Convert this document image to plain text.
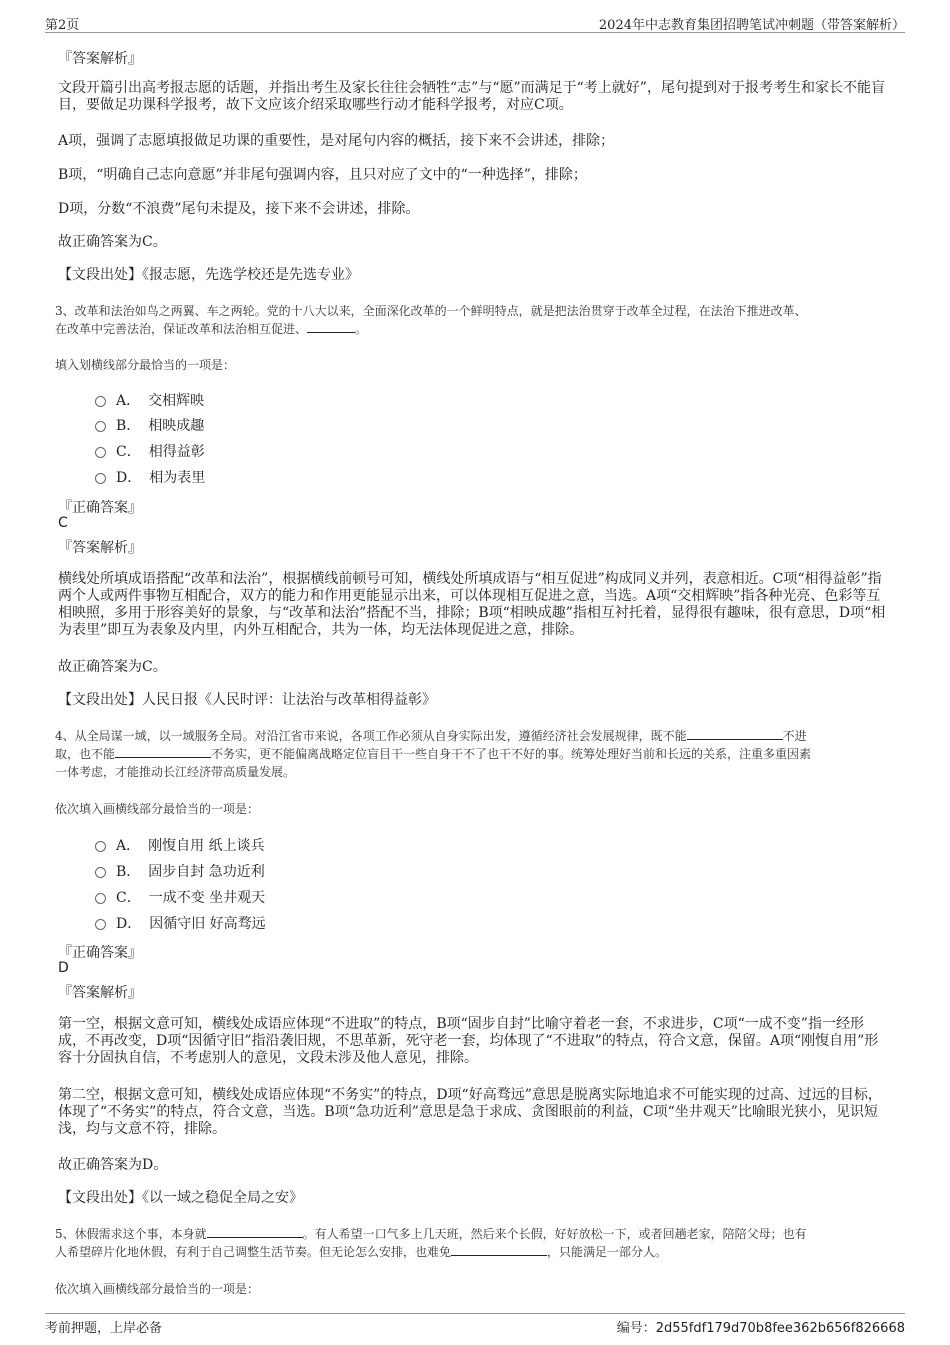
第2页	2024年中志教育集团招聘笔试冲刺题（带答案解析）
『答案解析』
文段开篇引出高考报志愿的话题，并指出考生及家长往往会牺牲“志”与“愿”而满足于“考上就好”，尾句提到对于报考考生和家长不能盲目，要做足功课科学报考，故下文应该介绍采取哪些行动才能科学报考，对应C项。
A项，强调了志愿填报做足功课的重要性，是对尾句内容的概括，接下来不会讲述，排除；
B项，“明确自己志向意愿”并非尾句强调内容，且只对应了文中的“一种选择”，排除；
D项，分数“不浪费”尾句未提及，接下来不会讲述，排除。
故正确答案为C。
【文段出处】《报志愿，先选学校还是先选专业》
3、改革和法治如鸟之两翼、车之两轮。党的十八大以来，全面深化改革的一个鲜明特点，就是把法治贯穿于改革全过程，在法治下推进改革、
在改革中完善法治，保证改革和法治相互促进、	。
填入划横线部分最恰当的一项是：
A． 交相辉映
B． 相映成趣
C． 相得益彰
D． 相为表里
『正确答案』
C
『答案解析』
横线处所填成语搭配“改革和法治”，根据横线前顿号可知，横线处所填成语与“相互促进”构成同义并列，表意相近。C项“相得益彰”指两个人或两件事物互相配合，双方的能力和作用更能显示出来，可以体现相互促进之意，当选。A项“交相辉映”指各种光亮、色彩等互相映照，多用于形容美好的景象，与“改革和法治”搭配不当，排除；B项“相映成趣”指相互衬托着，显得很有趣味，很有意思，D项“相为表里”即互为表象及内里，内外互相配合，共为一体，均无法体现促进之意，排除。
故正确答案为C。
【文段出处】人民日报《人民时评：让法治与改革相得益彰》
4、从全局谋一域，以一域服务全局。对沿江省市来说，各项工作必须从自身实际出发，遵循经济社会发展规律，既不能	不进
取，也不能	不务实，更不能偏离战略定位盲目干一些自身干不了也干不好的事。统筹处理好当前和长远的关系，注重多重因素
一体考虑，才能推动长江经济带高质量发展。
依次填入画横线部分最恰当的一项是：
A． 刚愎自用 纸上谈兵
B． 固步自封 急功近利
C． 一成不变 坐井观天
D． 因循守旧 好高骛远
『正确答案』
D
『答案解析』
第一空，根据文意可知，横线处成语应体现“不进取”的特点，B项“固步自封”比喻守着老一套，不求进步，C项“一成不变”指一经形成，不再改变，D项“因循守旧”指沿袭旧规，不思革新，死守老一套，均体现了“不进取”的特点，符合文意，保留。A项“刚愎自用”形容十分固执自信，不考虑别人的意见，文段未涉及他人意见，排除。
第二空，根据文意可知，横线处成语应体现“不务实”的特点，D项“好高骛远”意思是脱离实际地追求不可能实现的过高、过远的目标，体现了“不务实”的特点，符合文意，当选。B项“急功近利”意思是急于求成、贪图眼前的利益，C项“坐井观天”比喻眼光狭小，见识短浅，均与文意不符，排除。
故正确答案为D。
【文段出处】《以一域之稳促全局之安》
5、休假需求这个事，本身就	。有人希望一口气多上几天班，然后来个长假，好好放松一下，或者回趟老家，陪陪父母；也有
人希望碎片化地休假，有利于自己调整生活节奏。但无论怎么安排，也难免	，只能满足一部分人。
依次填入画横线部分最恰当的一项是：
考前押题，上岸必备	编号：2d55fdf179d70b8fee362b656f826668
